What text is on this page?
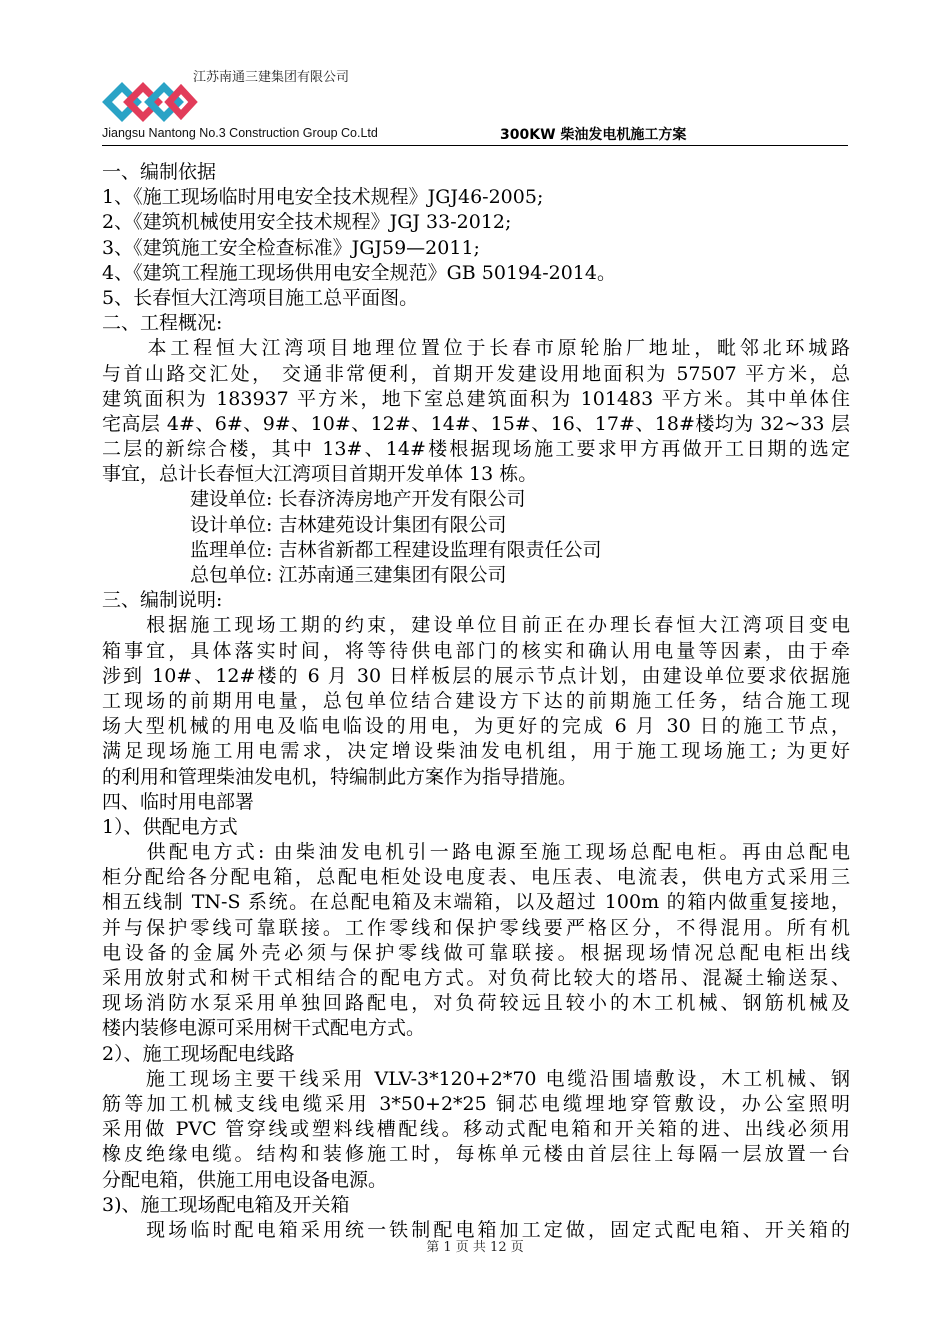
江苏南通三建集团有限公司
Jiangsu Nantong No.3 Construction Group Co.Ltd	300KW 柴油发电机施工方案
一、编制依据
1、《施工现场临时用电安全技术规程》JGJ46-2005;
2、《建筑机械使用安全技术规程》JGJ 33-2012;
3、《建筑施工安全检查标准》JGJ59—2011;
4、《建筑工程施工现场供用电安全规范》GB 50194-2014。
5、长春恒大江湾项目施工总平面图。
二、工程概况:
　　本工程恒大江湾项目地理位置位于长春市原轮胎厂地址，毗邻北环城路
与首山路交汇处， 交通非常便利，首期开发建设用地面积为 57507 平方米，总
建筑面积为 183937 平方米，地下室总建筑面积为 101483 平方米。其中单体住
宅高层 4#、6#、9#、10#、12#、14#、15#、16、17#、18#楼均为 32~33 层
二层的新综合楼，其中 13#、14#楼根据现场施工要求甲方再做开工日期的选定
事宜，总计长春恒大江湾项目首期开发单体 13 栋。
建设单位: 长春济涛房地产开发有限公司
设计单位: 吉林建苑设计集团有限公司
监理单位: 吉林省新都工程建设监理有限责任公司
总包单位: 江苏南通三建集团有限公司
三、编制说明:
　　根据施工现场工期的约束，建设单位目前正在办理长春恒大江湾项目变电
箱事宜，具体落实时间，将等待供电部门的核实和确认用电量等因素，由于牵
涉到 10#、12#楼的 6 月 30 日样板层的展示节点计划，由建设单位要求依据施
工现场的前期用电量，总包单位结合建设方下达的前期施工任务，结合施工现
场大型机械的用电及临电临设的用电，为更好的完成 6 月 30 日的施工节点，
满足现场施工用电需求，决定增设柴油发电机组，用于施工现场施工; 为更好
的利用和管理柴油发电机，特编制此方案作为指导措施。
四、临时用电部署
1）、供配电方式
　　供配电方式: 由柴油发电机引一路电源至施工现场总配电柜。再由总配电
柜分配给各分配电箱，总配电柜处设电度表、电压表、电流表，供电方式采用三
相五线制 TN-S 系统。在总配电箱及末端箱，以及超过 100m 的箱内做重复接地，
并与保护零线可靠联接。工作零线和保护零线要严格区分，不得混用。所有机
电设备的金属外壳必须与保护零线做可靠联接。根据现场情况总配电柜出线
采用放射式和树干式相结合的配电方式。对负荷比较大的塔吊、混凝土输送泵、
现场消防水泵采用单独回路配电，对负荷较远且较小的木工机械、钢筋机械及
楼内装修电源可采用树干式配电方式。
2）、施工现场配电线路
　　施工现场主要干线采用 VLV-3*120+2*70 电缆沿围墙敷设，木工机械、钢
筋等加工机械支线电缆采用 3*50+2*25 铜芯电缆埋地穿管敷设，办公室照明
采用做 PVC 管穿线或塑料线槽配线。移动式配电箱和开关箱的进、出线必须用
橡皮绝缘电缆。结构和装修施工时，每栋单元楼由首层往上每隔一层放置一台
分配电箱，供施工用电设备电源。
3)、施工现场配电箱及开关箱
　　现场临时配电箱采用统一铁制配电箱加工定做，固定式配电箱、开关箱的
第 1 页 共 12 页
